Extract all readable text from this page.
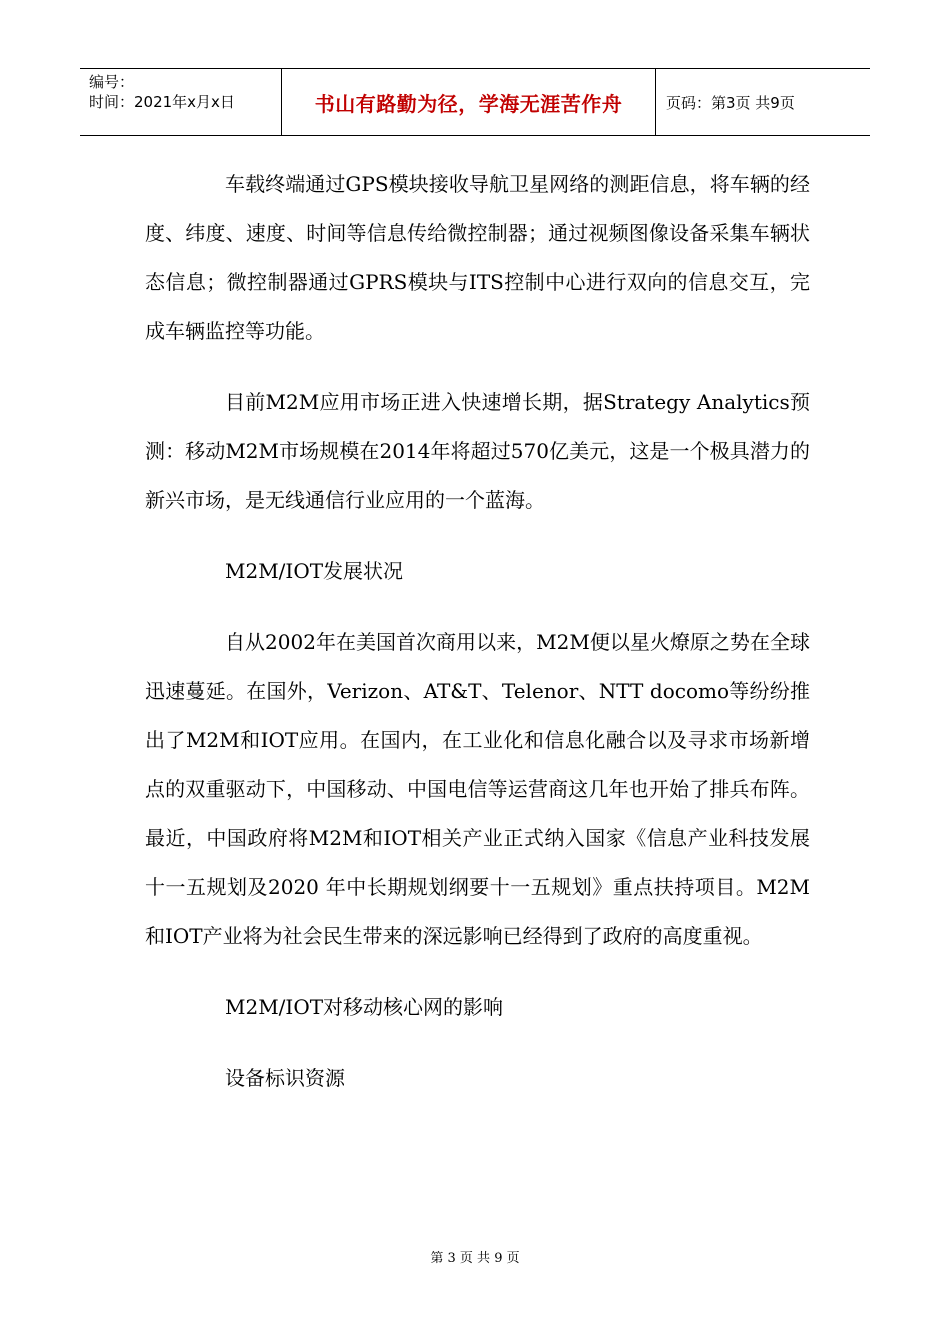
编号：
时间：2021年x月x日	书山有路勤为径，学海无涯苦作舟	页码：第3页 共9页

车载终端通过GPS模块接收导航卫星网络的测距信息，将车辆的经度、纬度、速度、时间等信息传给微控制器；通过视频图像设备采集车辆状态信息；微控制器通过GPRS模块与ITS控制中心进行双向的信息交互，完成车辆监控等功能。

目前M2M应用市场正进入快速增长期，据Strategy Analytics预测：移动M2M市场规模在2014年将超过570亿美元，这是一个极具潜力的新兴市场，是无线通信行业应用的一个蓝海。

M2M/IOT发展状况

自从2002年在美国首次商用以来，M2M便以星火燎原之势在全球迅速蔓延。在国外，Verizon、AT&T、Telenor、NTT docomo等纷纷推出了M2M和IOT应用。在国内，在工业化和信息化融合以及寻求市场新增点的双重驱动下，中国移动、中国电信等运营商这几年也开始了排兵布阵。最近，中国政府将M2M和IOT相关产业正式纳入国家《信息产业科技发展十一五规划及2020 年中长期规划纲要十一五规划》重点扶持项目。M2M和IOT产业将为社会民生带来的深远影响已经得到了政府的高度重视。

M2M/IOT对移动核心网的影响

设备标识资源

第 3 页 共 9 页
